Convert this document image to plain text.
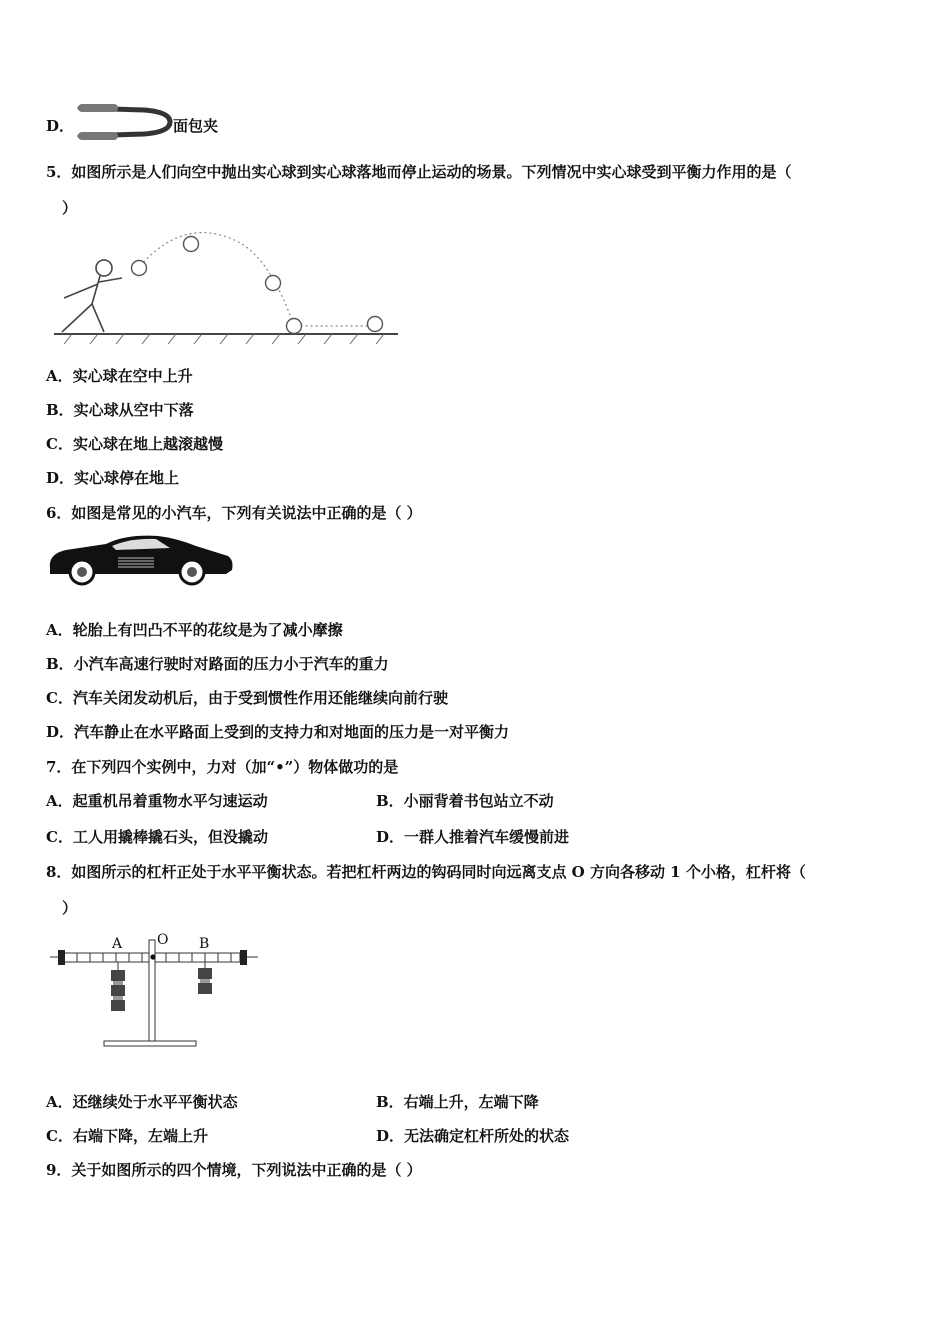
D．	面包夹
5．如图所示是人们向空中抛出实心球到实心球落地而停止运动的场景。下列情况中实心球受到平衡力作用的是（
）
A．实心球在空中上升
B．实心球从空中下落
C．实心球在地上越滚越慢
D．实心球停在地上
6．如图是常见的小汽车，下列有关说法中正确的是（ ）
A．轮胎上有凹凸不平的花纹是为了减小摩擦
B．小汽车高速行驶时对路面的压力小于汽车的重力
C．汽车关闭发动机后，由于受到惯性作用还能继续向前行驶
D．汽车静止在水平路面上受到的支持力和对地面的压力是一对平衡力
7．在下列四个实例中，力对（加“•”）物体做功的是
A．起重机吊着重物水平匀速运动	B．小丽背着书包站立不动
C．工人用撬棒撬石头，但没撬动	D．一群人推着汽车缓慢前进
8．如图所示的杠杆正处于水平平衡状态。若把杠杆两边的钩码同时向远离支点 O 方向各移动 1 个小格，杠杆将（
）
A O B
A．还继续处于水平平衡状态	B．右端上升，左端下降
C．右端下降，左端上升	D．无法确定杠杆所处的状态
9．关于如图所示的四个情境，下列说法中正确的是（ ）
